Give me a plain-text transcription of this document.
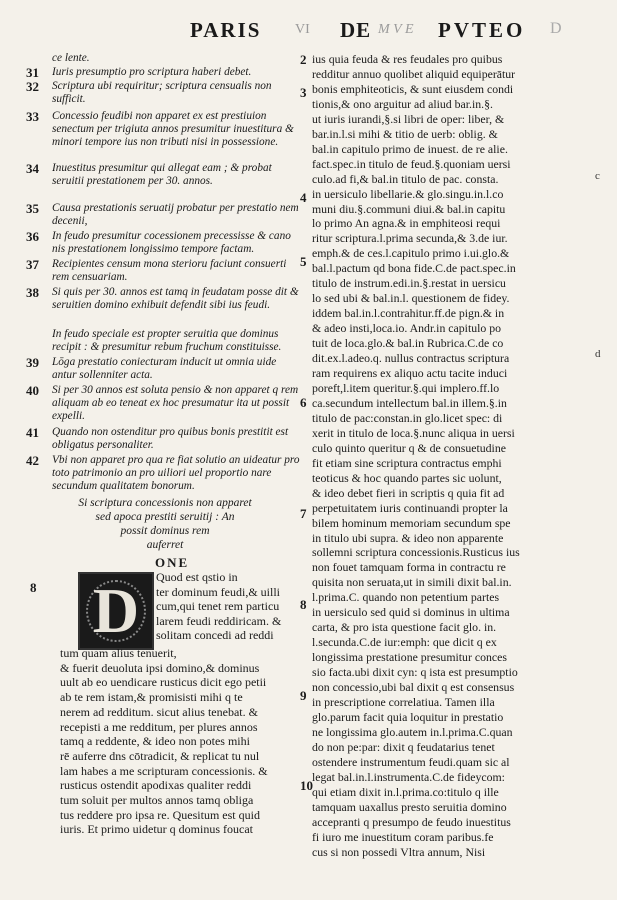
PARIS VI DE M V E PVTEO D
ce lente.
31	Iuris presumptio pro scriptura haberi debet.
32	Scriptura ubi requiritur; scriptura censualis non sufficit.
33	Concessio feudibi non apparet ex est prestiuion senectum per trigiuta annos presumitur inuestitura & minori tempore ius non tributi nisi in possessione.
34	Inuestitus presumitur qui allegat eam ; & probat seruitii prestationem per 30. annos.
35	Causa prestationis seruatij probatur per prestatio nem decenii,
36	In feudo presumitur cocessionem precessisse & cano nis prestationem longissimo tempore factam.
37	Recipientes censum mona sterioru faciunt consuerti rem censuariam.
38	Si quis per 30. annos est tamq in feudatam posse dit & seruitien domino exhibuit defendit sibi ius feudi.
In feudo speciale est propter seruitia que dominus recipit : & presumitur rebum fruchum constituisse.
39	Lōga prestatio coniecturam inducit ut omnia uide antur sollenniter acta.
40	Si per 30 annos est soluta pensio & non apparet q rem aliquam ab eo teneat ex hoc presumatur ita ut possit expelli.
41	Quando non ostenditur pro quibus bonis prestitit est obligatus personaliter.
42	Vbi non apparet pro qua re fiat solutio an uideatur pro toto patrimonio an pro uiliori uel proportio nare secundum qualitatem bonorum.
Si scriptura concessionis non apparet
sed apoca prestiti seruitij : An
possit dominus rem
auferret
ONE
D	Quod est qstio in
ter dominum feudi,& uilli
cum,qui tenet rem particu
larem feudi reddiricam. &
solitam concedi ad reddi
tum quam alius tenuerit,
& fuerit deuoluta ipsi domino,& dominus
uult ab eo uendicare rusticus dicit ego petii
ab te rem istam,& promisisti mihi q te
nerem ad redditum. sicut alius tenebat. &
recepisti a me redditum, per plures annos
tamq a reddente, & ideo non potes mihi
rē auferre dns cōtradicit, & replicat tu nul
lam habes a me scripturam concessionis. &
rusticus ostendit apodixas qualiter reddi
tum soluit per multos annos tamq obliga
tus reddere pro ipsa re. Quesitum est quid
iuris. Et primo uidetur q dominus foucat
8
ius quia feuda & res feudales pro quibus
redditur annuo quolibet aliquid equiperātur
bonis emphiteoticis, & sunt eiusdem condi
tionis,& ono arguitur ad aliud bar.in.§.
ut iuris iurandi,§.si libri de oper: liber, &
bar.in.l.si mihi & titio de uerb: oblig. &
bal.in capitulo primo de inuest. de re alie.
fact.spec.in titulo de feud.§.quoniam uersi
culo.ad fi,& bal.in titulo de pac. consta.
in uersiculo libellarie.& glo.singu.in.l.co
muni diu.§.communi diui.& bal.in capitu
lo primo An agna.& in emphiteosi requi
ritur scriptura.l.prima secunda,& 3.de iur.
emph.& de ces.l.capitulo primo i.ui.glo.&
bal.l.pactum qd bona fide.C.de pact.spec.in
titulo de instrum.edi.in.§.restat in uersicu
lo sed ubi & bal.in.l. questionem de fidey.
iddem bal.in.l.contrahitur.ff.de pign.& in
& adeo insti,loca.io. Andr.in capitulo po
tuit de loca.glo.& bal.in Rubrica.C.de co
dit.ex.l.adeo.q. nullus contractus scriptura
ram requirens ex aliquo actu tacite induci
poreft,l.item queritur.§.qui implero.ff.lo
ca.secundum intellectum bal.in illem.§.in
titulo de pac:constan.in glo.licet spec: di
xerit in titulo de loca.§.nunc aliqua in uersi
culo quinto queritur q & de consuetudine
fit etiam sine scriptura contractus emphi
teoticus & hoc quando partes sic uolunt,
& ideo debet fieri in scriptis q quia fit ad
perpetuitatem iuris continuandi propter la
bilem hominum memoriam secundum spe
in titulo ubi supra. & ideo non apparente
sollemni scriptura concessionis.Rusticus ius
non fouet tamquam forma in contractu re
quisita non seruata,ut in simili dixit bal.in.
l.prima.C. quando non petentium partes
in uersiculo sed quid si dominus in ultima
carta, & pro ista questione facit glo. in.
l.secunda.C.de iur:emph: que dicit q ex
longissima prestatione presumitur conces
sio facta.ubi dixit cyn: q ista est presumptio
non concessio,ubi bal dixit q est consensus
in prescriptione correlatiua. Tamen illa
glo.parum facit quia loquitur in prestatio
ne longissima glo.autem in.l.prima.C.quan
do non pe:par: dixit q feudatarius tenet
ostendere instrumentum feudi.quam sic al
legat bal.in.l.instrumenta.C.de fideycom:
qui etiam dixit in.l.prima.co:titulo q ille
tamquam uaxallus presto seruitia domino
accepranti q presumpo de feudo inuestitus
fi iuro me inuestitum coram paribus.fe
cus si non possedi Vltra annum, Nisi
2
3
4
5
6
7
8
9
10
c
d
